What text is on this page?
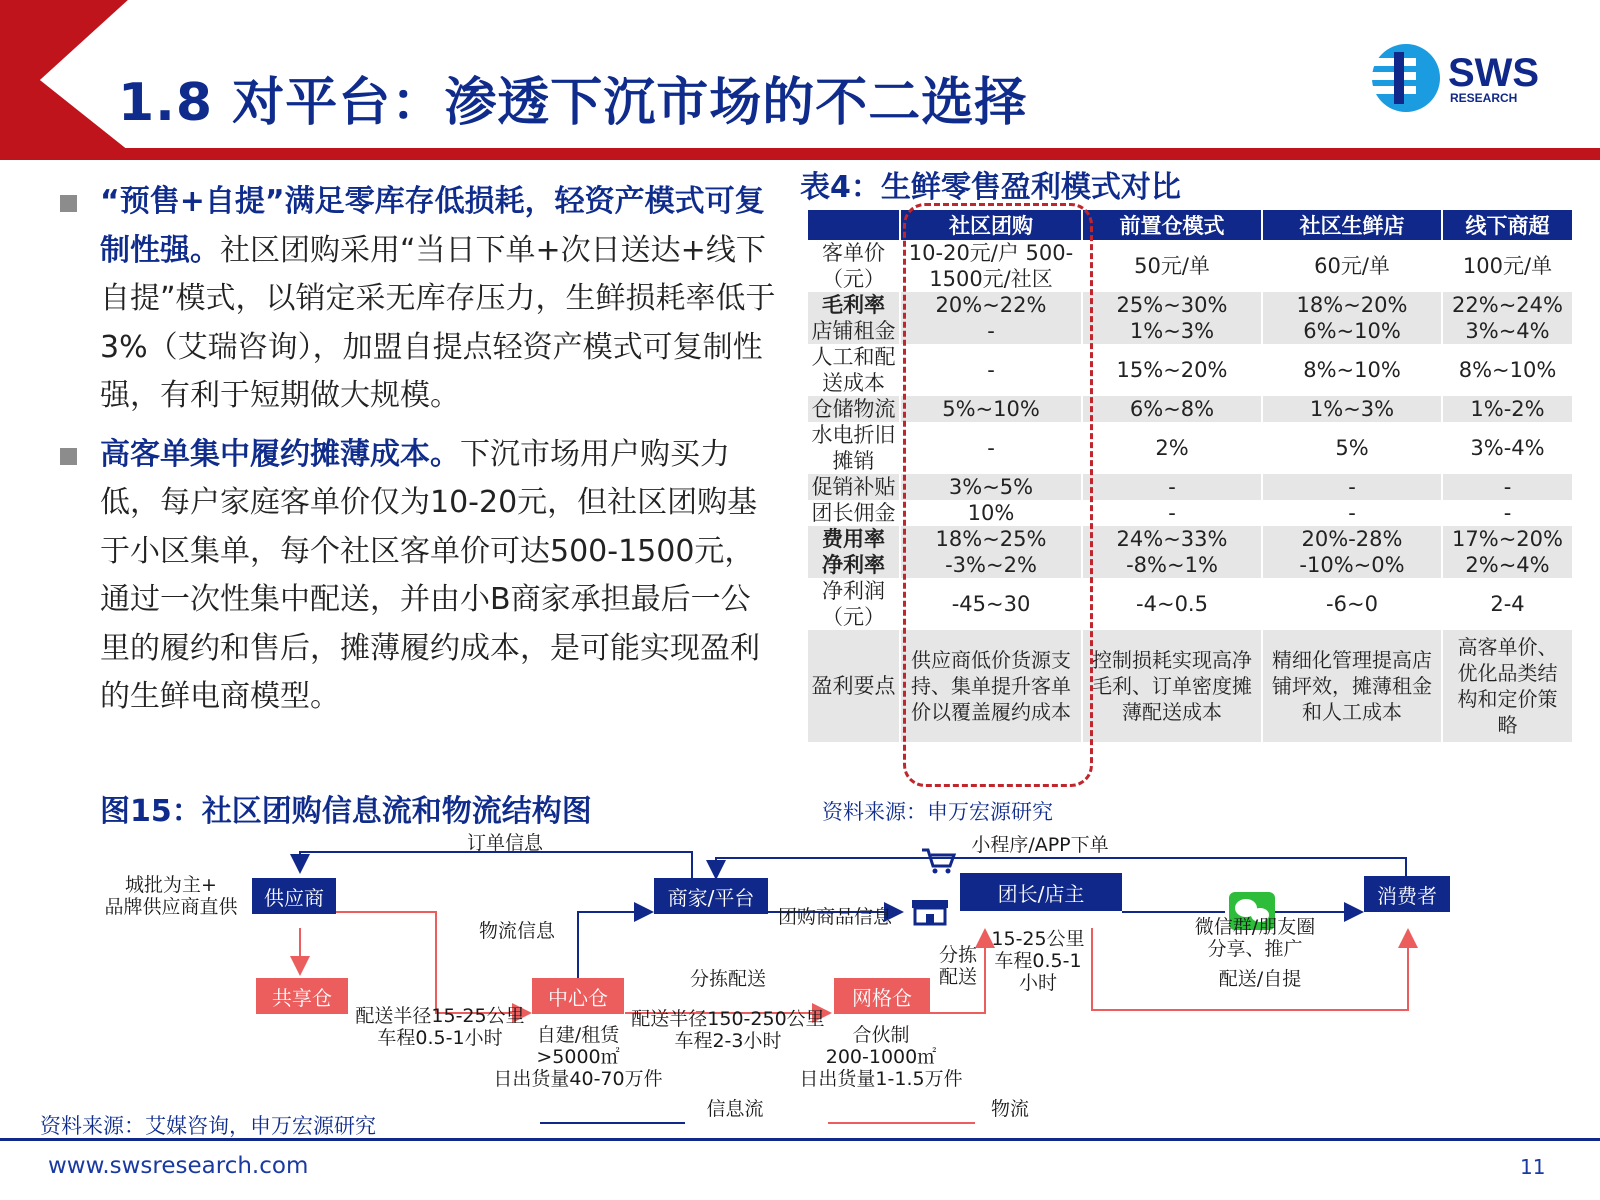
1.8 对平台：渗透下沉市场的不二选择	SWS
RESEARCH
“预售+自提”满足零库存低损耗，轻资产模式可复制性强。社区团购采用“当日下单+次日送达+线下自提”模式，以销定采无库存压力，生鲜损耗率低于3%（艾瑞咨询），加盟自提点轻资产模式可复制性强，有利于短期做大规模。
高客单集中履约摊薄成本。下沉市场用户购买力低，每户家庭客单价仅为10-20元，但社区团购基于小区集单，每个社区客单价可达500-1500元，通过一次性集中配送，并由小B商家承担最后一公里的履约和售后，摊薄履约成本，是可能实现盈利的生鲜电商模型。
表4：生鲜零售盈利模式对比
	社区团购	前置仓模式	社区生鲜店	线下商超
客单价（元）	10-20元/户 500-1500元/社区	50元/单	60元/单	100元/单
毛利率	20%~22%	25%~30%	18%~20%	22%~24%
店铺租金	-	1%~3%	6%~10%	3%~4%
人工和配送成本	-	15%~20%	8%~10%	8%~10%
仓储物流	5%~10%	6%~8%	1%~3%	1%-2%
水电折旧摊销	-	2%	5%	3%-4%
促销补贴	3%~5%	-	-	-
团长佣金	10%	-	-	-
费用率	18%~25%	24%~33%	20%-28%	17%~20%
净利率	-3%~2%	-8%~1%	-10%~0%	2%~4%
净利润（元）	-45~30	-4~0.5	-6~0	2-4
盈利要点	供应商低价货源支持、集单提升客单价以覆盖履约成本	控制损耗实现高净毛利、订单密度摊薄配送成本	精细化管理提高店铺坪效，摊薄租金和人工成本	高客单价、优化品类结构和定价策略
资料来源：申万宏源研究
图15：社区团购信息流和物流结构图
供应商	商家/平台	团长/店主	消费者
共享仓	中心仓	网格仓
城批为主+
品牌供应商直供
订单信息	小程序/APP下单
物流信息
团购商品信息
分拣配送
分拣
配送
15-25公里
车程0.5-1
小时
微信群/朋友圈
分享、推广
配送/自提
配送半径15-25公里
车程0.5-1小时	自建/租赁
>5000㎡
日出货量40-70万件
配送半径150-250公里
车程2-3小时	合伙制
200-1000㎡
日出货量1-1.5万件
信息流	物流
资料来源：艾媒咨询，申万宏源研究
www.swsresearch.com	11
